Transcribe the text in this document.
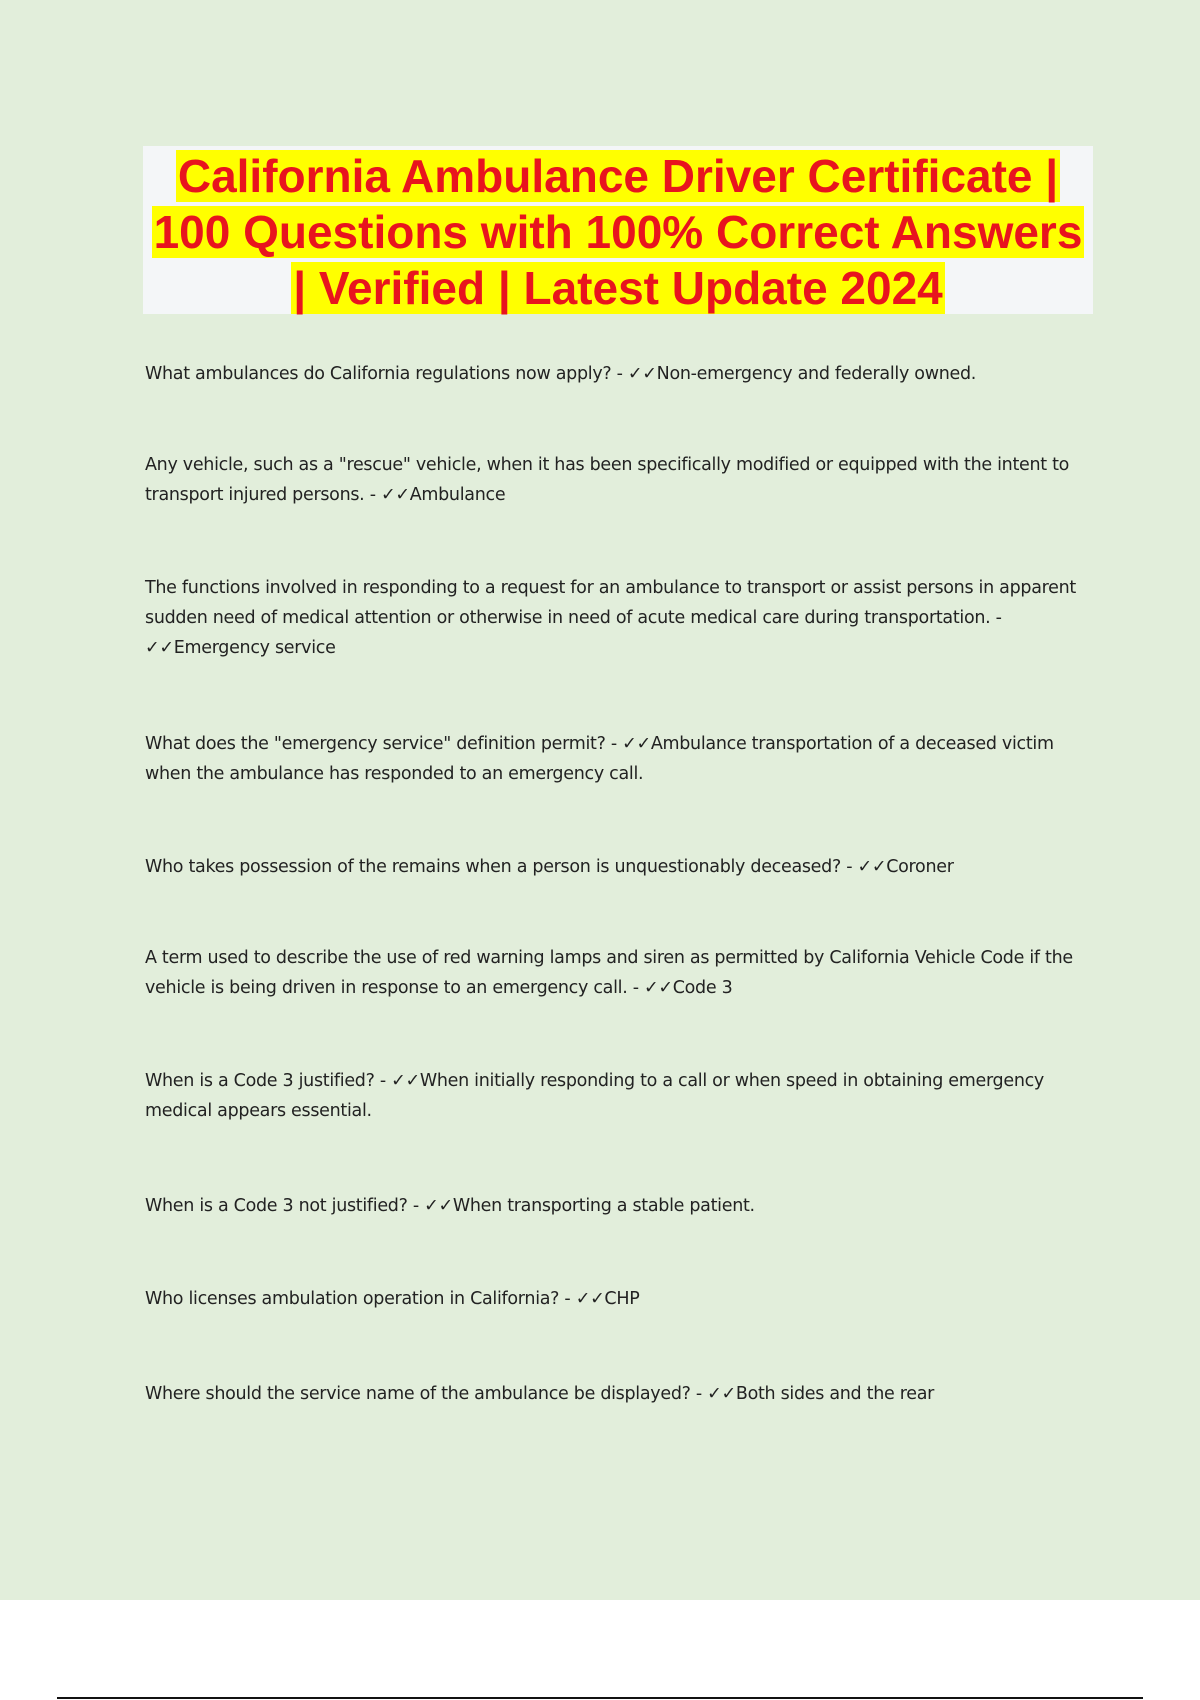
California Ambulance Driver Certificate | 100 Questions with 100% Correct Answers | Verified | Latest Update 2024

What ambulances do California regulations now apply? - ✓✓Non-emergency and federally owned.

Any vehicle, such as a "rescue" vehicle, when it has been specifically modified or equipped with the intent to transport injured persons. - ✓✓Ambulance

The functions involved in responding to a request for an ambulance to transport or assist persons in apparent sudden need of medical attention or otherwise in need of acute medical care during transportation. - ✓✓Emergency service

What does the "emergency service" definition permit? - ✓✓Ambulance transportation of a deceased victim when the ambulance has responded to an emergency call.

Who takes possession of the remains when a person is unquestionably deceased? - ✓✓Coroner

A term used to describe the use of red warning lamps and siren as permitted by California Vehicle Code if the vehicle is being driven in response to an emergency call. - ✓✓Code 3

When is a Code 3 justified? - ✓✓When initially responding to a call or when speed in obtaining emergency medical appears essential.

When is a Code 3 not justified? - ✓✓When transporting a stable patient.

Who licenses ambulation operation in California? - ✓✓CHP

Where should the service name of the ambulance be displayed? - ✓✓Both sides and the rear
